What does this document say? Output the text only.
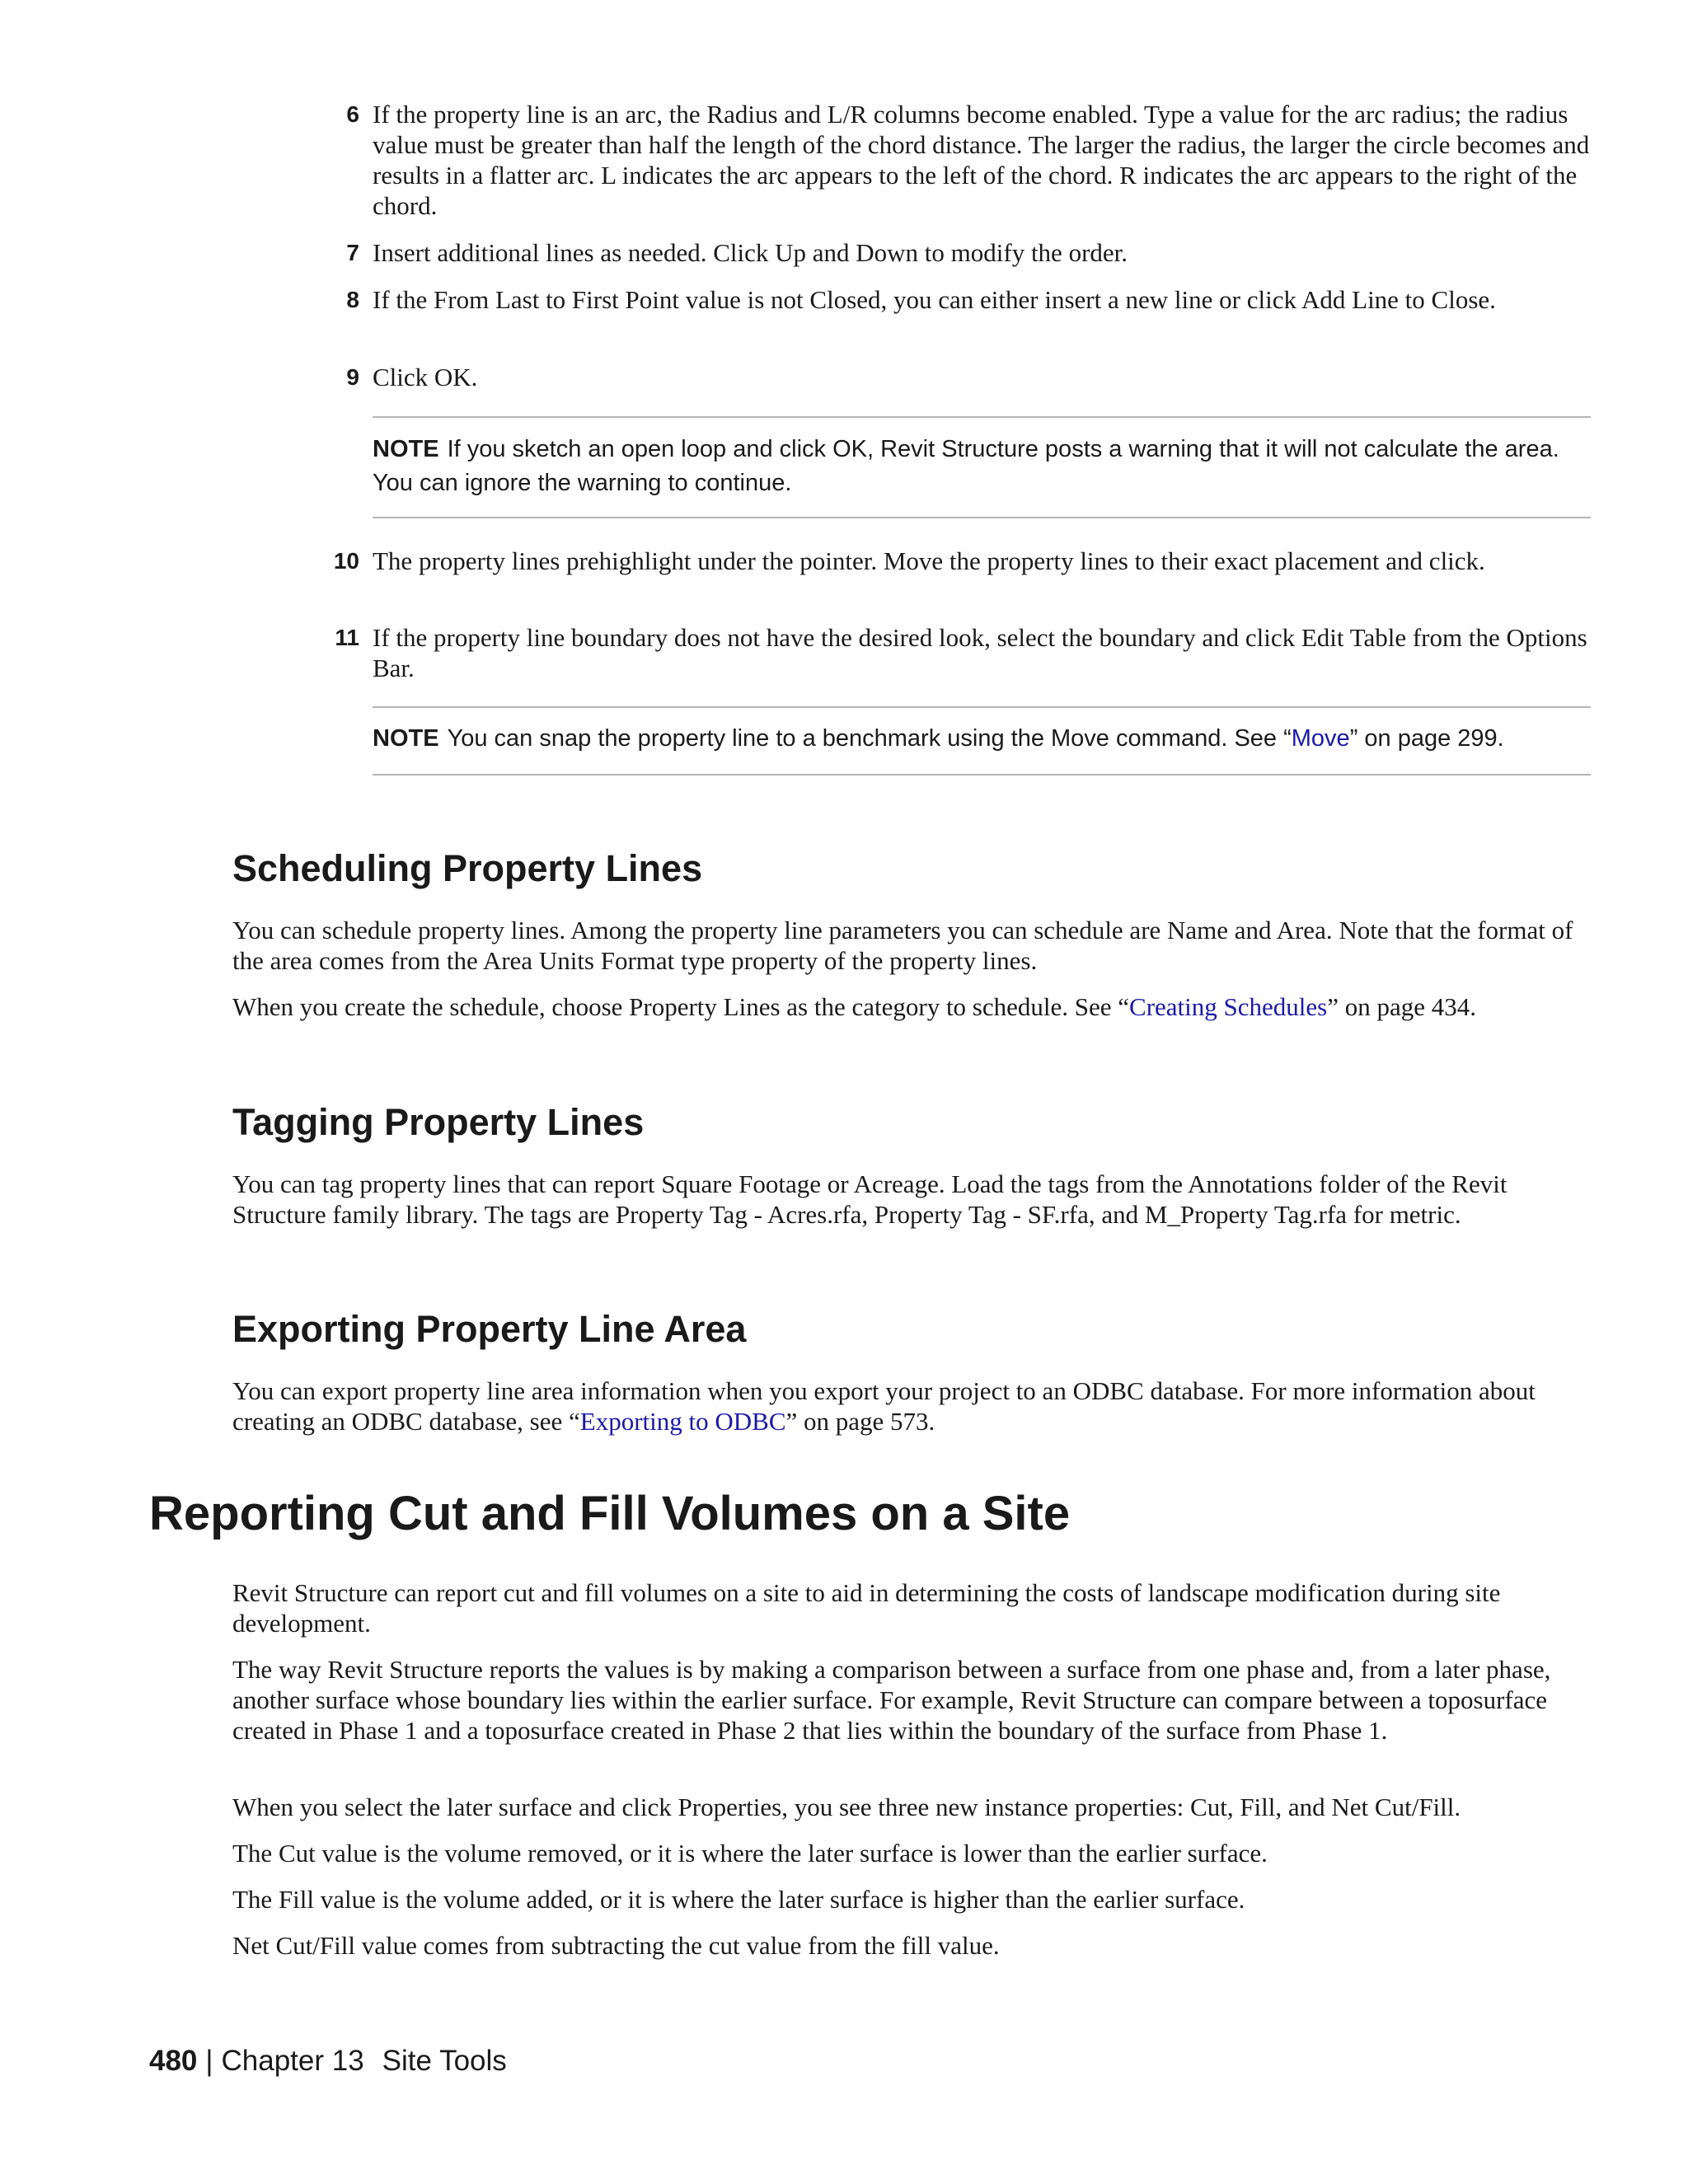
6 If the property line is an arc, the Radius and L/R columns become enabled. Type a value for the arc radius; the radius value must be greater than half the length of the chord distance. The larger the radius, the larger the circle becomes and results in a flatter arc. L indicates the arc appears to the left of the chord. R indicates the arc appears to the right of the chord.
7 Insert additional lines as needed. Click Up and Down to modify the order.
8 If the From Last to First Point value is not Closed, you can either insert a new line or click Add Line to Close.
9 Click OK.
NOTE If you sketch an open loop and click OK, Revit Structure posts a warning that it will not calculate the area. You can ignore the warning to continue.
10 The property lines prehighlight under the pointer. Move the property lines to their exact placement and click.
11 If the property line boundary does not have the desired look, select the boundary and click Edit Table from the Options Bar.
NOTE You can snap the property line to a benchmark using the Move command. See “Move” on page 299.
Scheduling Property Lines
You can schedule property lines. Among the property line parameters you can schedule are Name and Area. Note that the format of the area comes from the Area Units Format type property of the property lines.
When you create the schedule, choose Property Lines as the category to schedule. See “Creating Schedules” on page 434.
Tagging Property Lines
You can tag property lines that can report Square Footage or Acreage. Load the tags from the Annotations folder of the Revit Structure family library. The tags are Property Tag - Acres.rfa, Property Tag - SF.rfa, and M_Property Tag.rfa for metric.
Exporting Property Line Area
You can export property line area information when you export your project to an ODBC database. For more information about creating an ODBC database, see “Exporting to ODBC” on page 573.
Reporting Cut and Fill Volumes on a Site
Revit Structure can report cut and fill volumes on a site to aid in determining the costs of landscape modification during site development.
The way Revit Structure reports the values is by making a comparison between a surface from one phase and, from a later phase, another surface whose boundary lies within the earlier surface. For example, Revit Structure can compare between a toposurface created in Phase 1 and a toposurface created in Phase 2 that lies within the boundary of the surface from Phase 1.
When you select the later surface and click Properties, you see three new instance properties: Cut, Fill, and Net Cut/Fill.
The Cut value is the volume removed, or it is where the later surface is lower than the earlier surface.
The Fill value is the volume added, or it is where the later surface is higher than the earlier surface.
Net Cut/Fill value comes from subtracting the cut value from the fill value.
480 | Chapter 13 Site Tools
